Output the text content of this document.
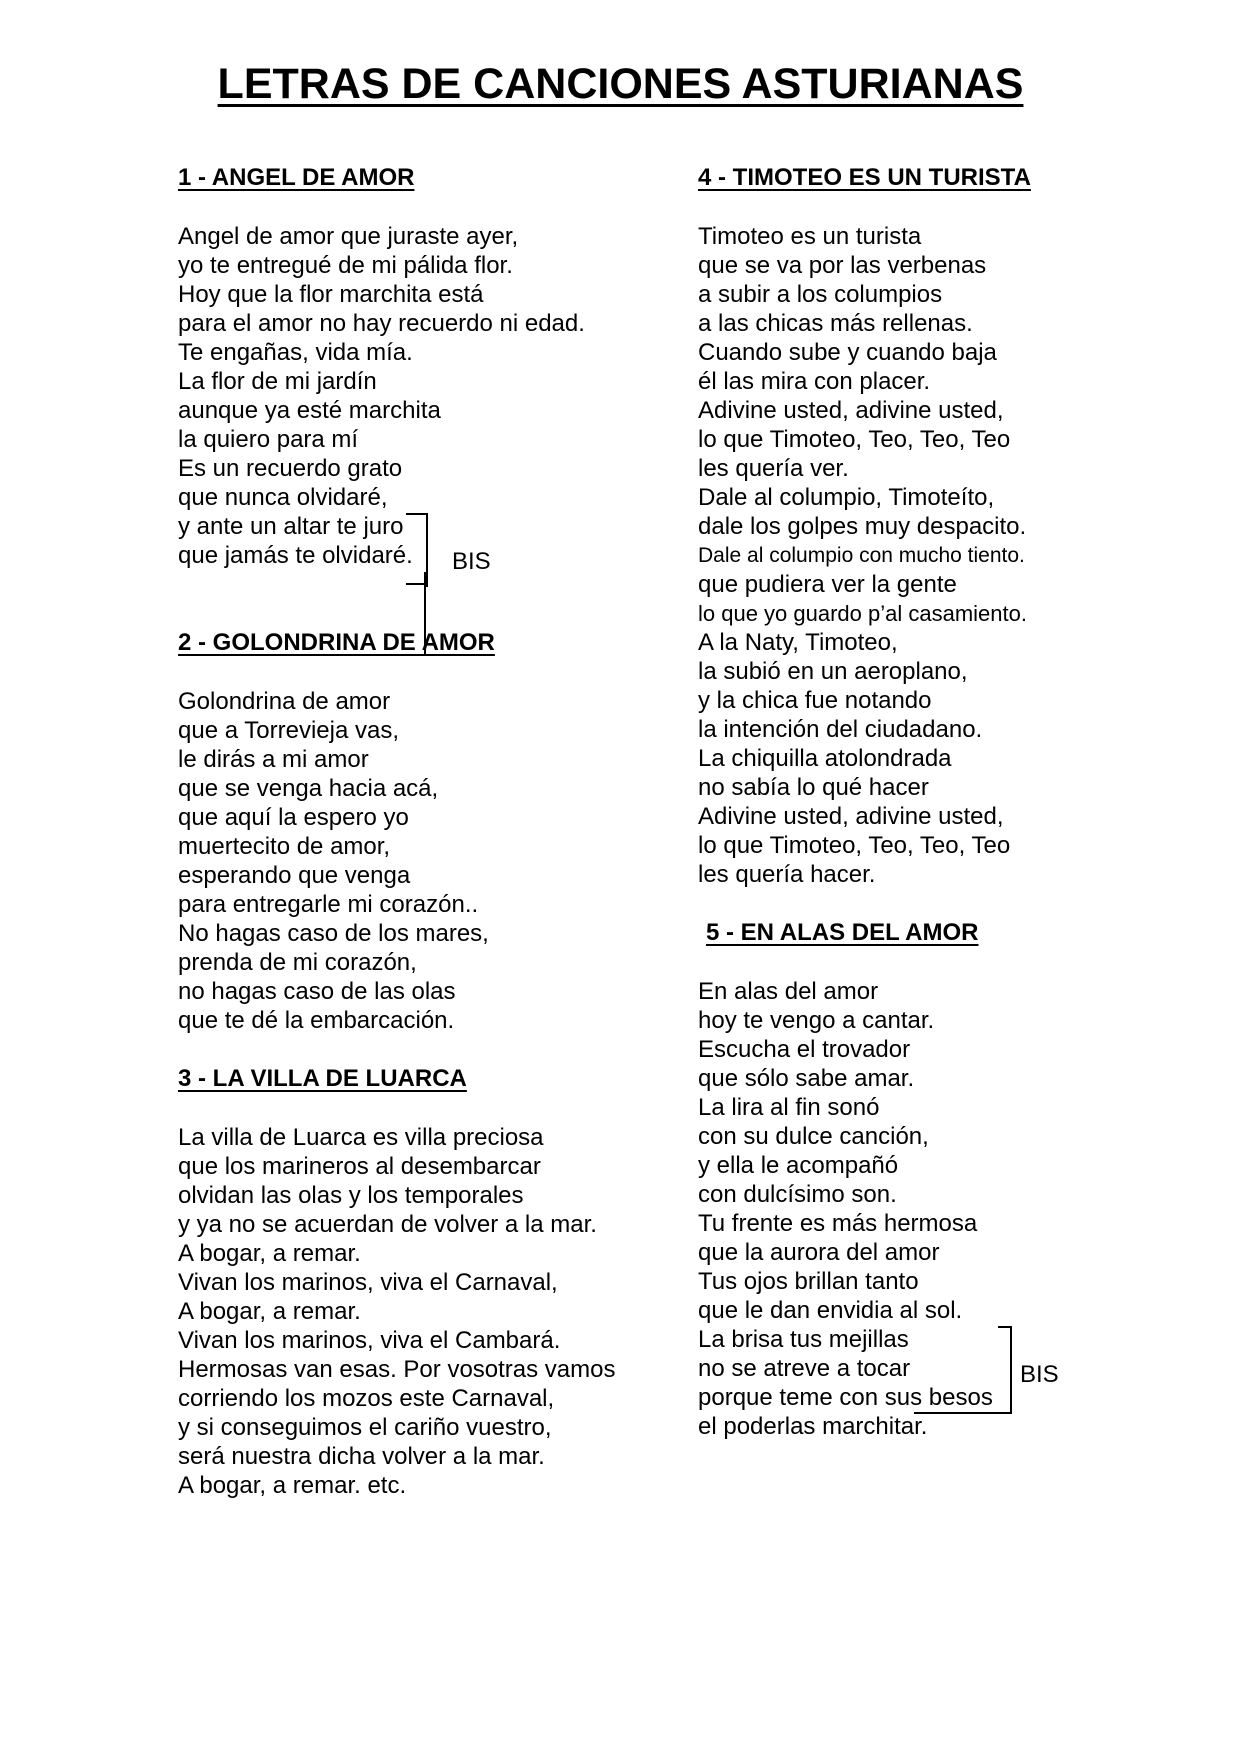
LETRAS DE CANCIONES ASTURIANAS
1 - ANGEL DE AMOR
Angel de amor que juraste ayer,
yo te entregué de mi pálida flor.
Hoy que la flor marchita está
para el amor no hay recuerdo ni edad.
Te engañas, vida mía.
La flor de mi jardín
aunque ya esté marchita
la quiero para mí
Es un recuerdo grato
que nunca olvidaré,
y ante un altar te juro
que jamás te olvidaré.	BIS
2 - GOLONDRINA DE AMOR
Golondrina de amor
que a Torrevieja vas,
le dirás a mi amor
que se venga hacia acá,
que aquí la espero yo
muertecito de amor,
esperando que venga
para entregarle mi corazón..
No hagas caso de los mares,
prenda de mi corazón,
no hagas caso de las olas
que te dé la embarcación.
3 - LA VILLA DE LUARCA
La villa de Luarca es villa preciosa
que los marineros al desembarcar
olvidan las olas y los temporales
y ya no se acuerdan de volver a la mar.
A bogar, a remar.
Vivan los marinos, viva el Carnaval,
A bogar, a remar.
Vivan los marinos, viva el Cambará.
Hermosas van esas. Por vosotras vamos
corriendo los mozos este Carnaval,
y si conseguimos el cariño vuestro,
será nuestra dicha volver a la mar.
A bogar, a remar. etc.
4 - TIMOTEO ES UN TURISTA
Timoteo es un turista
que se va por las verbenas
a subir a los columpios
a las chicas más rellenas.
Cuando sube y cuando baja
él las mira con placer.
Adivine usted, adivine usted,
lo que Timoteo, Teo, Teo, Teo
les quería ver.
Dale al columpio, Timoteíto,
dale los golpes muy despacito.
Dale al columpio con mucho tiento.
que pudiera ver la gente
lo que yo guardo p’al casamiento.
A la Naty, Timoteo,
la subió en un aeroplano,
y la chica fue notando
la intención del ciudadano.
La chiquilla atolondrada
no sabía lo qué hacer
Adivine usted, adivine usted,
lo que Timoteo, Teo, Teo, Teo
les quería hacer.
5 - EN ALAS DEL AMOR
En alas del amor
hoy te vengo a cantar.
Escucha el trovador
que sólo sabe amar.
La lira al fin sonó
con su dulce canción,
y ella le acompañó
con dulcísimo son.
Tu frente es más hermosa
que la aurora del amor
Tus ojos brillan tanto
que le dan envidia al sol.
La brisa tus mejillas
no se atreve a tocar
porque teme con sus besos
el poderlas marchitar.
BIS
